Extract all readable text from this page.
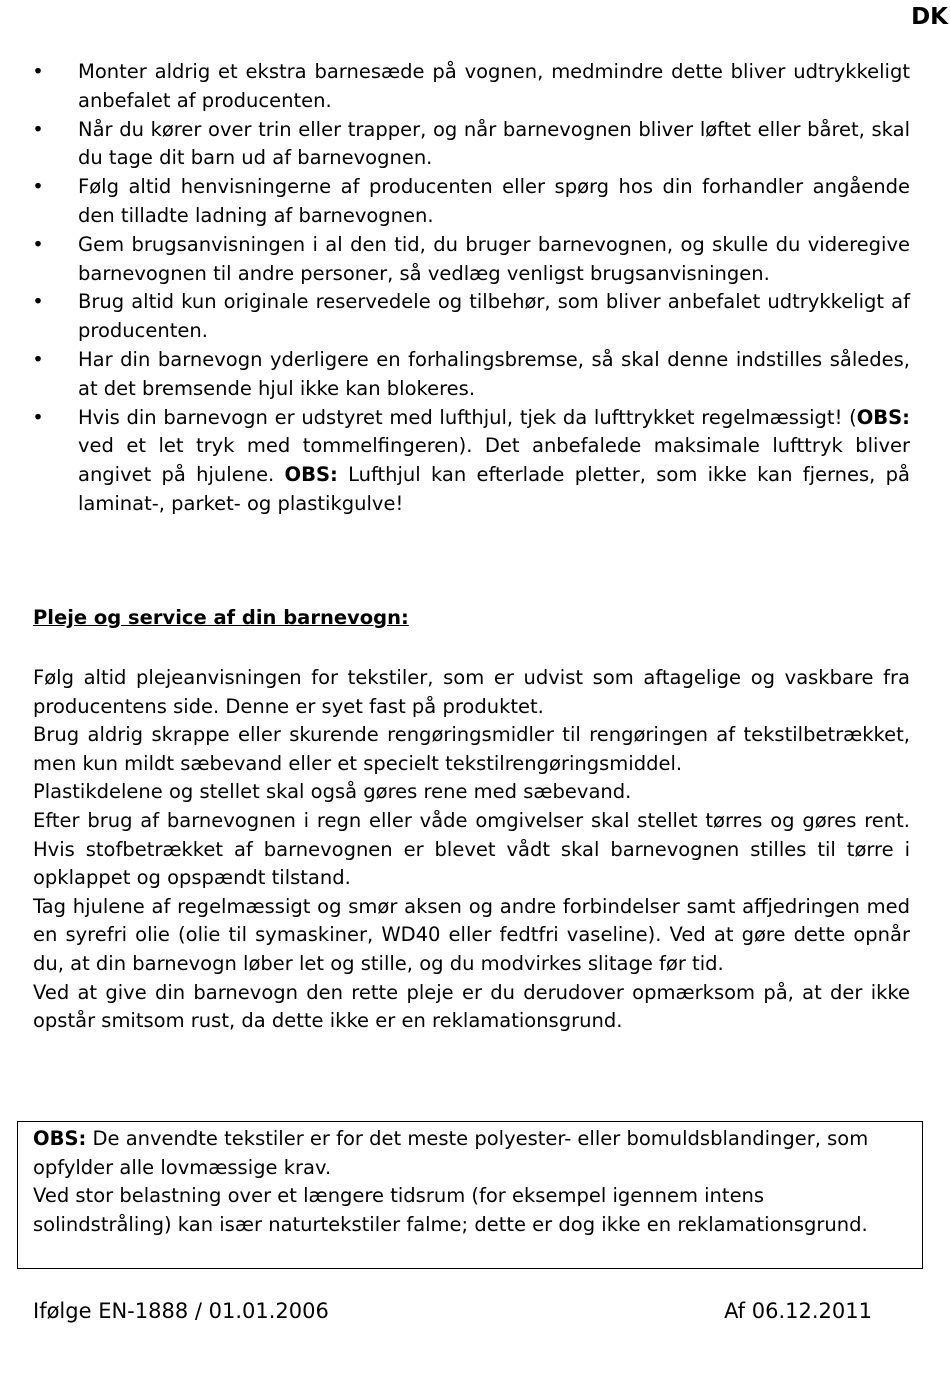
DK
• Monter aldrig et ekstra barnesæde på vognen, medmindre dette bliver udtrykkeligt anbefalet af producenten.
• Når du kører over trin eller trapper, og når barnevognen bliver løftet eller båret, skal du tage dit barn ud af barnevognen.
• Følg altid henvisningerne af producenten eller spørg hos din forhandler angående den tilladte ladning af barnevognen.
• Gem brugsanvisningen i al den tid, du bruger barnevognen, og skulle du videregive barnevognen til andre personer, så vedlæg venligst brugsanvisningen.
• Brug altid kun originale reservedele og tilbehør, som bliver anbefalet udtrykkeligt af producenten.
• Har din barnevogn yderligere en forhalingsbremse, så skal denne indstilles således, at det bremsende hjul ikke kan blokeres.
• Hvis din barnevogn er udstyret med lufthjul, tjek da lufttrykket regelmæssigt! (OBS: ved et let tryk med tommelfingeren). Det anbefalede maksimale lufttryk bliver angivet på hjulene. OBS: Lufthjul kan efterlade pletter, som ikke kan fjernes, på laminat-, parket- og plastikgulve!
Pleje og service af din barnevogn:

Følg altid plejeanvisningen for tekstiler, som er udvist som aftagelige og vaskbare fra producentens side. Denne er syet fast på produktet.

Brug aldrig skrappe eller skurende rengøringsmidler til rengøringen af tekstilbetrækket, men kun mildt sæbevand eller et specielt tekstilrengøringsmiddel.

Plastikdelene og stellet skal også gøres rene med sæbevand.

Efter brug af barnevognen i regn eller våde omgivelser skal stellet tørres og gøres rent. Hvis stofbetrækket af barnevognen er blevet vådt skal barnevognen stilles til tørre i opklappet og opspændt tilstand.

Tag hjulene af regelmæssigt og smør aksen og andre forbindelser samt affjedringen med en syrefri olie (olie til symaskiner, WD40 eller fedtfri vaseline). Ved at gøre dette opnår du, at din barnevogn løber let og stille, og du modvirkes slitage før tid.

Ved at give din barnevogn den rette pleje er du derudover opmærksom på, at der ikke opstår smitsom rust, da dette ikke er en reklamationsgrund.

OBS: De anvendte tekstiler er for det meste polyester- eller bomuldsblandinger, som opfylder alle lovmæssige krav.

Ved stor belastning over et længere tidsrum (for eksempel igennem intens solindstråling) kan især naturtekstiler falme; dette er dog ikke en reklamationsgrund.

Ifølge EN-1888 / 01.01.2006	Af 06.12.2011
